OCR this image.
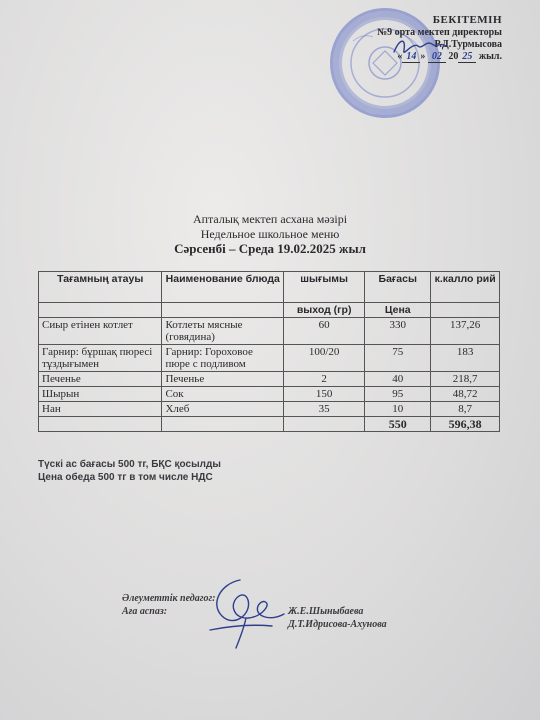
БЕКІТЕМІН
№9 орта мектеп директоры
Р.Д.Турмысова
« 14 » 02 20 25 жыл.
Апталық мектеп асхана мәзірі
Недельное школьное меню
Сәрсенбі – Среда 19.02.2025 жыл
Тағамның атауы	Наименование блюда	шығымы	Бағасы	к.калло рий
		выход (гр)	Цена	
Сиыр етінен котлет	Котлеты мясные (говядина)	60	330	137,26
Гарнир: бұршақ пюресі тұздығымен	Гарнир: Гороховое пюре с подливом	100/20	75	183
Печенье	Печенье	2	40	218,7
Шырын	Сок	150	95	48,72
Нан	Хлеб	35	10	8,7
			550	596,38
Түскі ас бағасы 500 тг, БҚС қосылды
Цена обеда 500 тг в том числе НДС
Әлеуметтік педагог:
Аға аспаз:	Ж.Е.Шыныбаева
Д.Т.Идрисова-Ахунова
